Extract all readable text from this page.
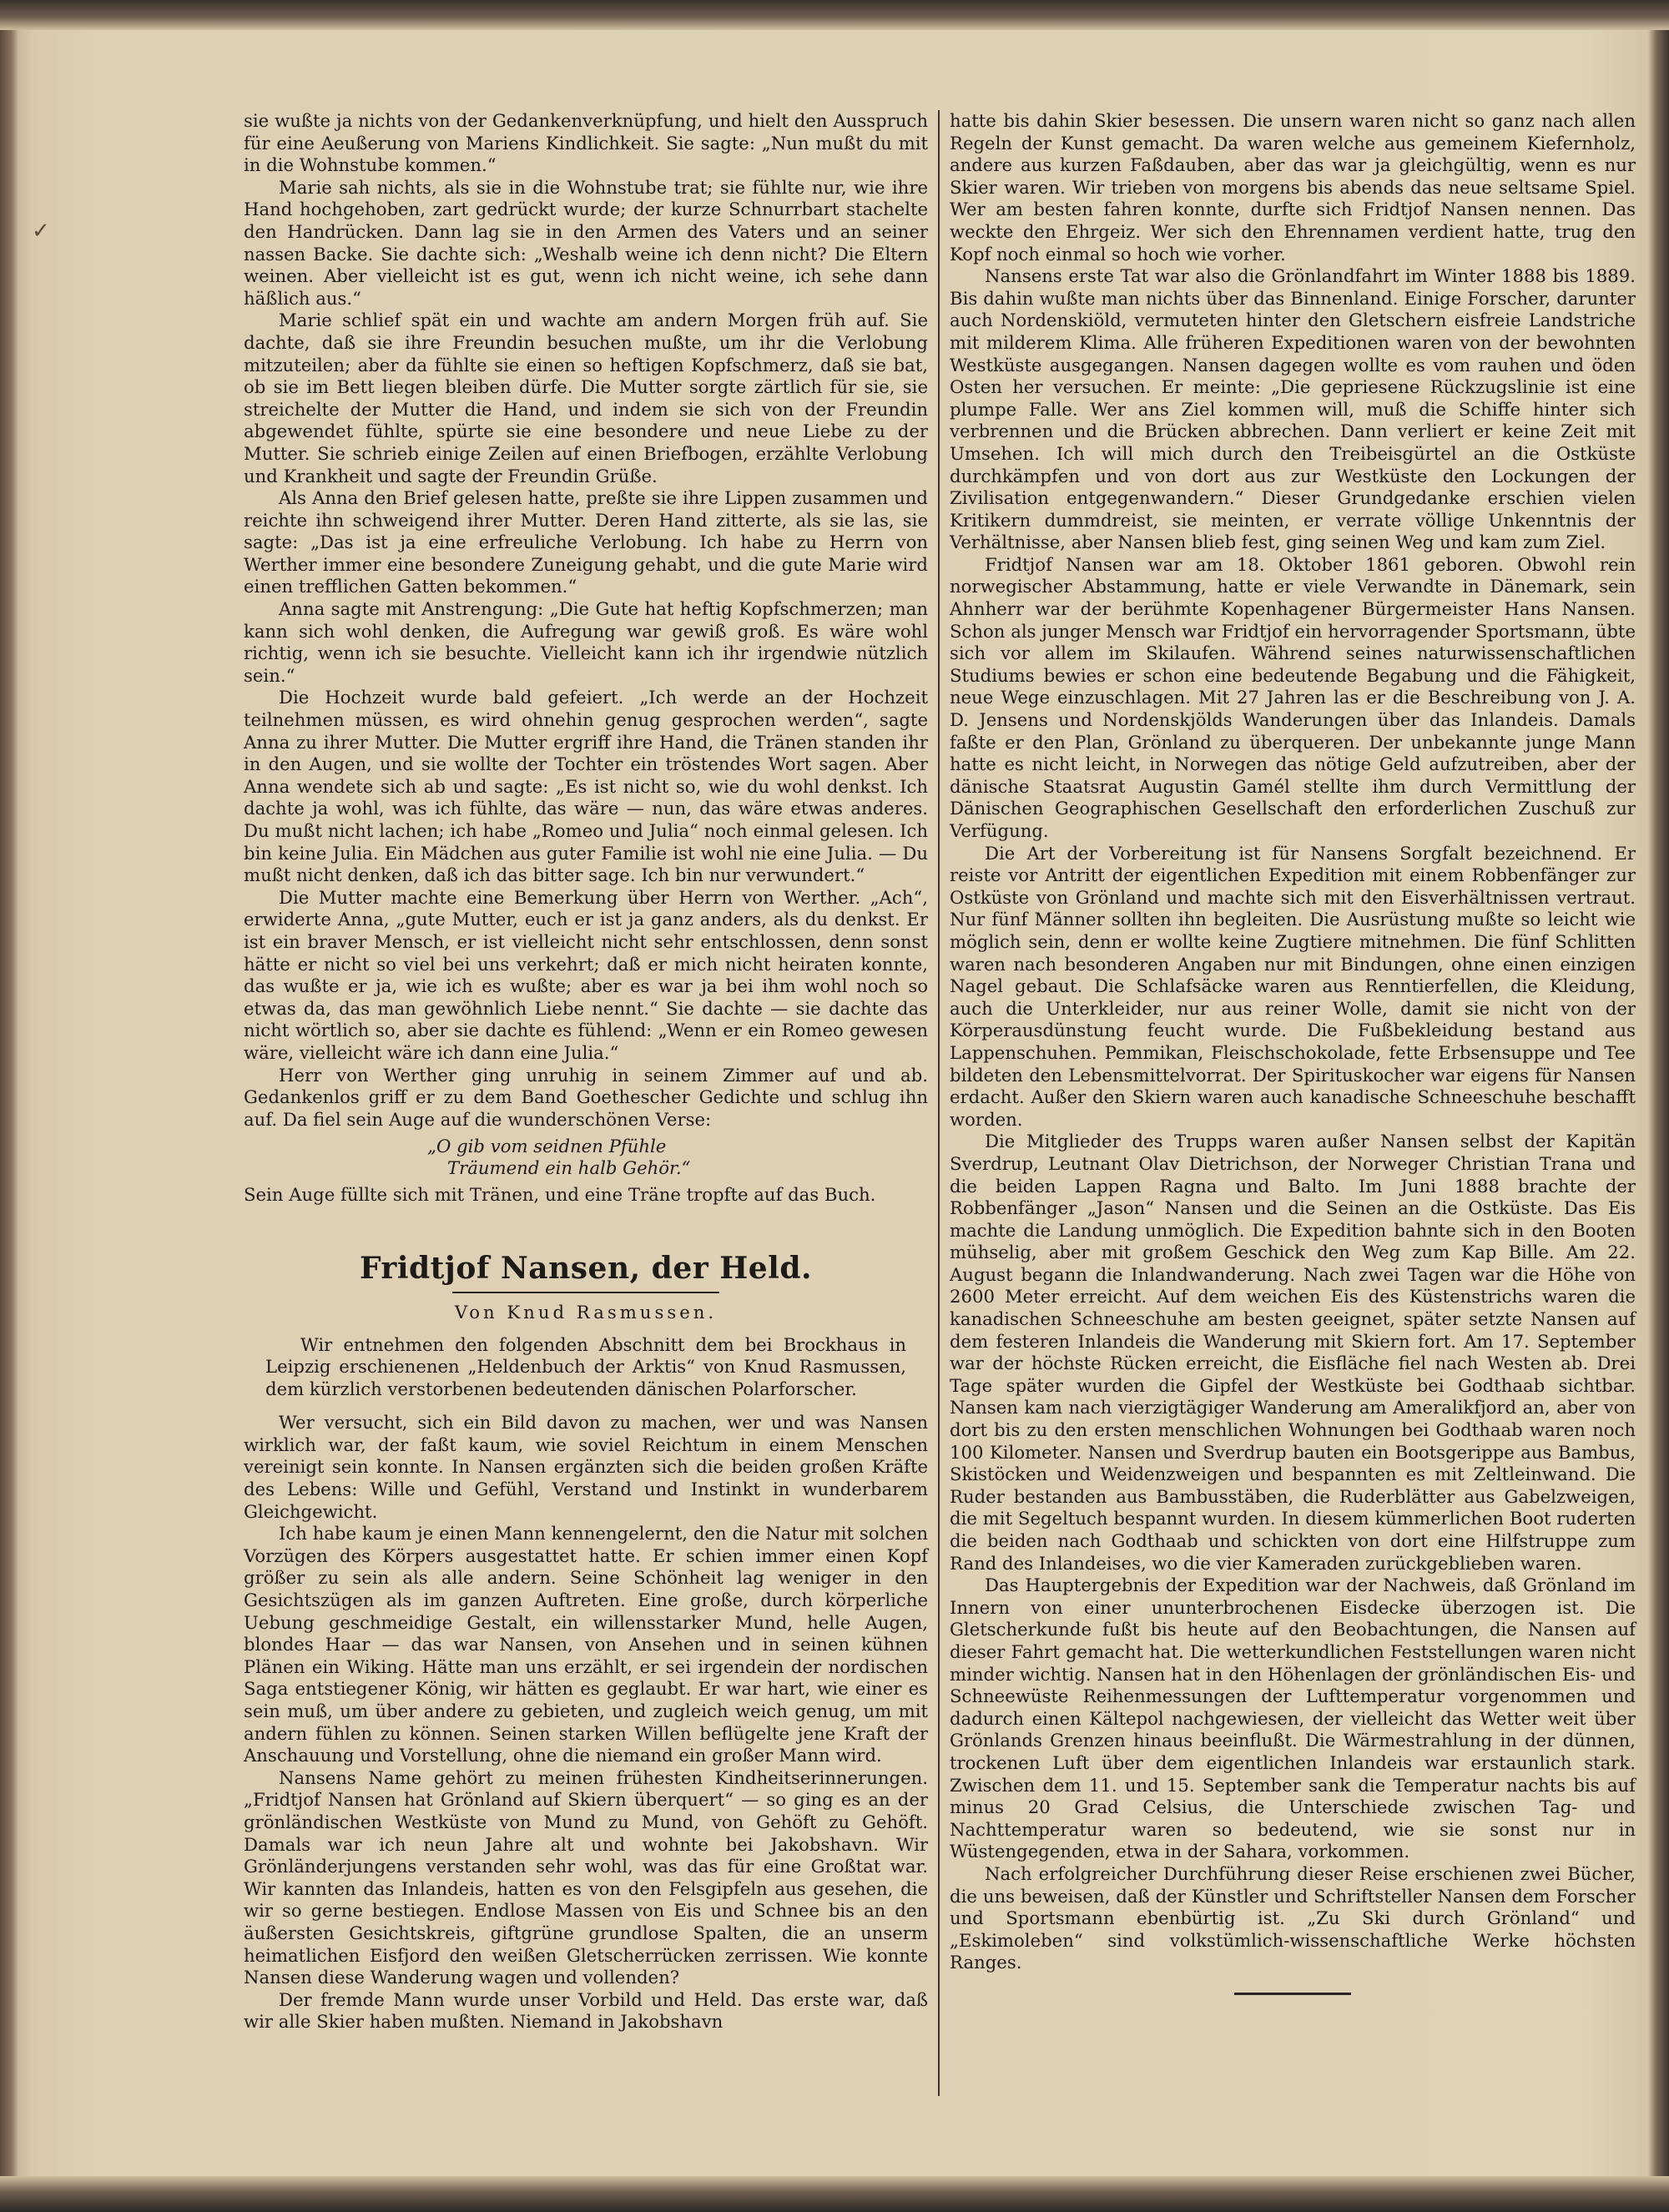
✓

sie wußte ja nichts von der Gedankenverknüpfung, und hielt den Ausspruch für eine Aeußerung von Mariens Kindlichkeit. Sie sagte: „Nun mußt du mit in die Wohnstube kommen.“

Marie sah nichts, als sie in die Wohnstube trat; sie fühlte nur, wie ihre Hand hochgehoben, zart gedrückt wurde; der kurze Schnurrbart stachelte den Handrücken. Dann lag sie in den Armen des Vaters und an seiner nassen Backe. Sie dachte sich: „Weshalb weine ich denn nicht? Die Eltern weinen. Aber vielleicht ist es gut, wenn ich nicht weine, ich sehe dann häßlich aus.“

Marie schlief spät ein und wachte am andern Morgen früh auf. Sie dachte, daß sie ihre Freundin besuchen mußte, um ihr die Verlobung mitzuteilen; aber da fühlte sie einen so heftigen Kopfschmerz, daß sie bat, ob sie im Bett liegen bleiben dürfe. Die Mutter sorgte zärtlich für sie, sie streichelte der Mutter die Hand, und indem sie sich von der Freundin abgewendet fühlte, spürte sie eine besondere und neue Liebe zu der Mutter. Sie schrieb einige Zeilen auf einen Briefbogen, erzählte Verlobung und Krankheit und sagte der Freundin Grüße.

Als Anna den Brief gelesen hatte, preßte sie ihre Lippen zusammen und reichte ihn schweigend ihrer Mutter. Deren Hand zitterte, als sie las, sie sagte: „Das ist ja eine erfreuliche Verlobung. Ich habe zu Herrn von Werther immer eine besondere Zuneigung gehabt, und die gute Marie wird einen trefflichen Gatten bekommen.“

Anna sagte mit Anstrengung: „Die Gute hat heftig Kopfschmerzen; man kann sich wohl denken, die Aufregung war gewiß groß. Es wäre wohl richtig, wenn ich sie besuchte. Vielleicht kann ich ihr irgendwie nützlich sein.“

Die Hochzeit wurde bald gefeiert. „Ich werde an der Hochzeit teilnehmen müssen, es wird ohnehin genug gesprochen werden“, sagte Anna zu ihrer Mutter. Die Mutter ergriff ihre Hand, die Tränen standen ihr in den Augen, und sie wollte der Tochter ein tröstendes Wort sagen. Aber Anna wendete sich ab und sagte: „Es ist nicht so, wie du wohl denkst. Ich dachte ja wohl, was ich fühlte, das wäre — nun, das wäre etwas anderes. Du mußt nicht lachen; ich habe „Romeo und Julia“ noch einmal gelesen. Ich bin keine Julia. Ein Mädchen aus guter Familie ist wohl nie eine Julia. — Du mußt nicht denken, daß ich das bitter sage. Ich bin nur verwundert.“

Die Mutter machte eine Bemerkung über Herrn von Werther. „Ach“, erwiderte Anna, „gute Mutter, euch er ist ja ganz anders, als du denkst. Er ist ein braver Mensch, er ist vielleicht nicht sehr entschlossen, denn sonst hätte er nicht so viel bei uns verkehrt; daß er mich nicht heiraten konnte, das wußte er ja, wie ich es wußte; aber es war ja bei ihm wohl noch so etwas da, das man gewöhnlich Liebe nennt.“ Sie dachte — sie dachte das nicht wörtlich so, aber sie dachte es fühlend: „Wenn er ein Romeo gewesen wäre, vielleicht wäre ich dann eine Julia.“

Herr von Werther ging unruhig in seinem Zimmer auf und ab. Gedankenlos griff er zu dem Band Goethescher Gedichte und schlug ihn auf. Da fiel sein Auge auf die wunderschönen Verse:

„O gib vom seidnen Pfühle
Träumend ein halb Gehör.“

Sein Auge füllte sich mit Tränen, und eine Träne tropfte auf das Buch.

Fridtjof Nansen, der Held.
Von Knud Rasmussen.

Wir entnehmen den folgenden Abschnitt dem bei Brockhaus in Leipzig erschienenen „Heldenbuch der Arktis“ von Knud Rasmussen, dem kürzlich verstorbenen bedeutenden dänischen Polarforscher.

Wer versucht, sich ein Bild davon zu machen, wer und was Nansen wirklich war, der faßt kaum, wie soviel Reichtum in einem Menschen vereinigt sein konnte. In Nansen ergänzten sich die beiden großen Kräfte des Lebens: Wille und Gefühl, Verstand und Instinkt in wunderbarem Gleichgewicht.

Ich habe kaum je einen Mann kennengelernt, den die Natur mit solchen Vorzügen des Körpers ausgestattet hatte. Er schien immer einen Kopf größer zu sein als alle andern. Seine Schönheit lag weniger in den Gesichtszügen als im ganzen Auftreten. Eine große, durch körperliche Uebung geschmeidige Gestalt, ein willensstarker Mund, helle Augen, blondes Haar — das war Nansen, von Ansehen und in seinen kühnen Plänen ein Wiking. Hätte man uns erzählt, er sei irgendein der nordischen Saga entstiegener König, wir hätten es geglaubt. Er war hart, wie einer es sein muß, um über andere zu gebieten, und zugleich weich genug, um mit andern fühlen zu können. Seinen starken Willen beflügelte jene Kraft der Anschauung und Vorstellung, ohne die niemand ein großer Mann wird.

Nansens Name gehört zu meinen frühesten Kindheitserinnerungen. „Fridtjof Nansen hat Grönland auf Skiern überquert“ — so ging es an der grönländischen Westküste von Mund zu Mund, von Gehöft zu Gehöft. Damals war ich neun Jahre alt und wohnte bei Jakobshavn. Wir Grönländerjungens verstanden sehr wohl, was das für eine Großtat war. Wir kannten das Inlandeis, hatten es von den Felsgipfeln aus gesehen, die wir so gerne bestiegen. Endlose Massen von Eis und Schnee bis an den äußersten Gesichtskreis, giftgrüne grundlose Spalten, die an unserm heimatlichen Eisfjord den weißen Gletscherrücken zerrissen. Wie konnte Nansen diese Wanderung wagen und vollenden?

Der fremde Mann wurde unser Vorbild und Held. Das erste war, daß wir alle Skier haben mußten. Niemand in Jakobshavn

hatte bis dahin Skier besessen. Die unsern waren nicht so ganz nach allen Regeln der Kunst gemacht. Da waren welche aus gemeinem Kiefernholz, andere aus kurzen Faßdauben, aber das war ja gleichgültig, wenn es nur Skier waren. Wir trieben von morgens bis abends das neue seltsame Spiel. Wer am besten fahren konnte, durfte sich Fridtjof Nansen nennen. Das weckte den Ehrgeiz. Wer sich den Ehrennamen verdient hatte, trug den Kopf noch einmal so hoch wie vorher.

Nansens erste Tat war also die Grönlandfahrt im Winter 1888 bis 1889. Bis dahin wußte man nichts über das Binnenland. Einige Forscher, darunter auch Nordenskiöld, vermuteten hinter den Gletschern eisfreie Landstriche mit milderem Klima. Alle früheren Expeditionen waren von der bewohnten Westküste ausgegangen. Nansen dagegen wollte es vom rauhen und öden Osten her versuchen. Er meinte: „Die gepriesene Rückzugslinie ist eine plumpe Falle. Wer ans Ziel kommen will, muß die Schiffe hinter sich verbrennen und die Brücken abbrechen. Dann verliert er keine Zeit mit Umsehen. Ich will mich durch den Treibeisgürtel an die Ostküste durchkämpfen und von dort aus zur Westküste den Lockungen der Zivilisation entgegenwandern.“ Dieser Grundgedanke erschien vielen Kritikern dummdreist, sie meinten, er verrate völlige Unkenntnis der Verhältnisse, aber Nansen blieb fest, ging seinen Weg und kam zum Ziel.

Fridtjof Nansen war am 18. Oktober 1861 geboren. Obwohl rein norwegischer Abstammung, hatte er viele Verwandte in Dänemark, sein Ahnherr war der berühmte Kopenhagener Bürgermeister Hans Nansen. Schon als junger Mensch war Fridtjof ein hervorragender Sportsmann, übte sich vor allem im Skilaufen. Während seines naturwissenschaftlichen Studiums bewies er schon eine bedeutende Begabung und die Fähigkeit, neue Wege einzuschlagen. Mit 27 Jahren las er die Beschreibung von J. A. D. Jensens und Nordenskjölds Wanderungen über das Inlandeis. Damals faßte er den Plan, Grönland zu überqueren. Der unbekannte junge Mann hatte es nicht leicht, in Norwegen das nötige Geld aufzutreiben, aber der dänische Staatsrat Augustin Gamél stellte ihm durch Vermittlung der Dänischen Geographischen Gesellschaft den erforderlichen Zuschuß zur Verfügung.

Die Art der Vorbereitung ist für Nansens Sorgfalt bezeichnend. Er reiste vor Antritt der eigentlichen Expedition mit einem Robbenfänger zur Ostküste von Grönland und machte sich mit den Eisverhältnissen vertraut. Nur fünf Männer sollten ihn begleiten. Die Ausrüstung mußte so leicht wie möglich sein, denn er wollte keine Zugtiere mitnehmen. Die fünf Schlitten waren nach besonderen Angaben nur mit Bindungen, ohne einen einzigen Nagel gebaut. Die Schlafsäcke waren aus Renntierfellen, die Kleidung, auch die Unterkleider, nur aus reiner Wolle, damit sie nicht von der Körperausdünstung feucht wurde. Die Fußbekleidung bestand aus Lappenschuhen. Pemmikan, Fleischschokolade, fette Erbsensuppe und Tee bildeten den Lebensmittelvorrat. Der Spirituskocher war eigens für Nansen erdacht. Außer den Skiern waren auch kanadische Schneeschuhe beschafft worden.

Die Mitglieder des Trupps waren außer Nansen selbst der Kapitän Sverdrup, Leutnant Olav Dietrichson, der Norweger Christian Trana und die beiden Lappen Ragna und Balto. Im Juni 1888 brachte der Robbenfänger „Jason“ Nansen und die Seinen an die Ostküste. Das Eis machte die Landung unmöglich. Die Expedition bahnte sich in den Booten mühselig, aber mit großem Geschick den Weg zum Kap Bille. Am 22. August begann die Inlandwanderung. Nach zwei Tagen war die Höhe von 2600 Meter erreicht. Auf dem weichen Eis des Küstenstrichs waren die kanadischen Schneeschuhe am besten geeignet, später setzte Nansen auf dem festeren Inlandeis die Wanderung mit Skiern fort. Am 17. September war der höchste Rücken erreicht, die Eisfläche fiel nach Westen ab. Drei Tage später wurden die Gipfel der Westküste bei Godthaab sichtbar. Nansen kam nach vierzigtägiger Wanderung am Ameralikfjord an, aber von dort bis zu den ersten menschlichen Wohnungen bei Godthaab waren noch 100 Kilometer. Nansen und Sverdrup bauten ein Bootsgerippe aus Bambus, Skistöcken und Weidenzweigen und bespannten es mit Zeltleinwand. Die Ruder bestanden aus Bambusstäben, die Ruderblätter aus Gabelzweigen, die mit Segeltuch bespannt wurden. In diesem kümmerlichen Boot ruderten die beiden nach Godthaab und schickten von dort eine Hilfstruppe zum Rand des Inlandeises, wo die vier Kameraden zurückgeblieben waren.

Das Hauptergebnis der Expedition war der Nachweis, daß Grönland im Innern von einer ununterbrochenen Eisdecke überzogen ist. Die Gletscherkunde fußt bis heute auf den Beobachtungen, die Nansen auf dieser Fahrt gemacht hat. Die wetterkundlichen Feststellungen waren nicht minder wichtig. Nansen hat in den Höhenlagen der grönländischen Eis- und Schneewüste Reihenmessungen der Lufttemperatur vorgenommen und dadurch einen Kältepol nachgewiesen, der vielleicht das Wetter weit über Grönlands Grenzen hinaus beeinflußt. Die Wärmestrahlung in der dünnen, trockenen Luft über dem eigentlichen Inlandeis war erstaunlich stark. Zwischen dem 11. und 15. September sank die Temperatur nachts bis auf minus 20 Grad Celsius, die Unterschiede zwischen Tag- und Nachttemperatur waren so bedeutend, wie sie sonst nur in Wüstengegenden, etwa in der Sahara, vorkommen.

Nach erfolgreicher Durchführung dieser Reise erschienen zwei Bücher, die uns beweisen, daß der Künstler und Schriftsteller Nansen dem Forscher und Sportsmann ebenbürtig ist. „Zu Ski durch Grönland“ und „Eskimoleben“ sind volkstümlich-wissenschaftliche Werke höchsten Ranges.
